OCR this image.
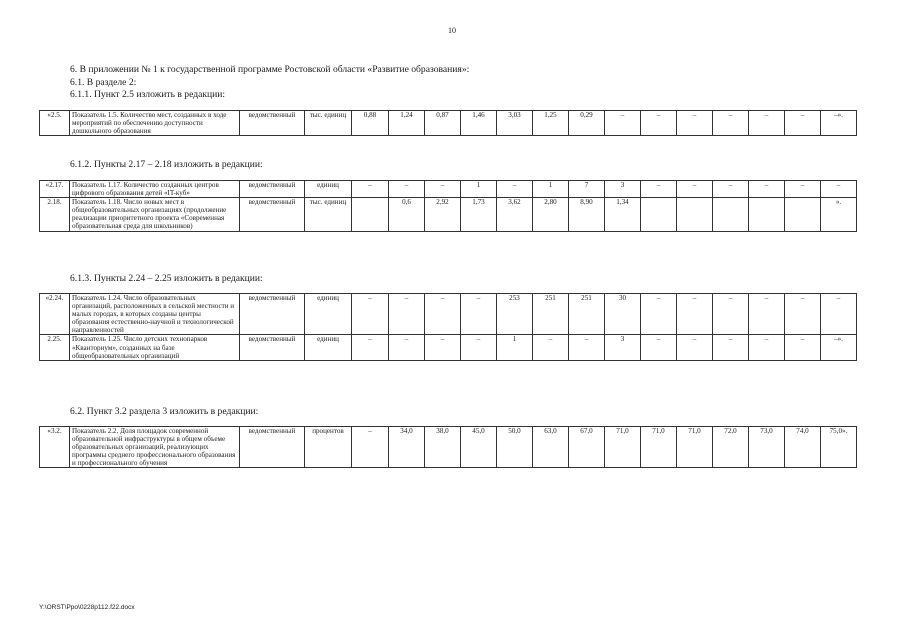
10
6. В приложении № 1 к государственной программе Ростовской области «Развитие образования»:
6.1. В разделе 2:
6.1.1. Пункт 2.5 изложить в редакции:
«2.5.	Показатель 1.5. Количество мест, созданных в ходе мероприятий по обеспечению доступности дошкольного образования	ведомственный	тыс. единиц	0,88	1,24	0,87	1,46	3,03	1,25	0,29	–	–	–	–	–	–	–».
6.1.2. Пункты 2.17 – 2.18 изложить в редакции:
«2.17.	Показатель 1.17. Количество созданных центров цифрового образования детей «IT-куб»	ведомственный	единиц	–	–	–	1	–	1	7	3	–	–	–	–	–	–
2.18.	Показатель 1.18. Число новых мест в общеобразовательных организациях (продолжение реализации приоритетного проекта «Современная образовательная среда для школьников)	ведомственный	тыс. единиц		0,6	2,92	1,73	3,62	2,80	8,90	1,34						».
6.1.3. Пункты 2.24 – 2.25 изложить в редакции:
«2.24.	Показатель 1.24. Число образовательных организаций, расположенных в сельской местности и малых городах, в которых созданы центры образования естественно-научной и технологической направленностей	ведомственный	единиц	–	–	–	–	253	251	251	30	–	–	–	–	–	–
2.25.	Показатель 1.25. Число детских технопарков «Кванториум», созданных на базе общеобразовательных организаций	ведомственный	единиц	–	–	–	–	1	–	–	3	–	–	–	–	–	–».
6.2. Пункт 3.2 раздела 3 изложить в редакции:
«3.2.	Показатель 2.2. Доля площадок современной образовательной инфраструктуры в общем объеме образовательных организаций, реализующих программы среднего профессионального образования и профессионального обучения	ведомственный	процентов	–	34,0	38,0	45,0	50,0	63,0	67,0	71,0	71,0	71,0	72,0	73,0	74,0	75,0».
Y:\ORST\Ppo\0228p112.f22.docx
